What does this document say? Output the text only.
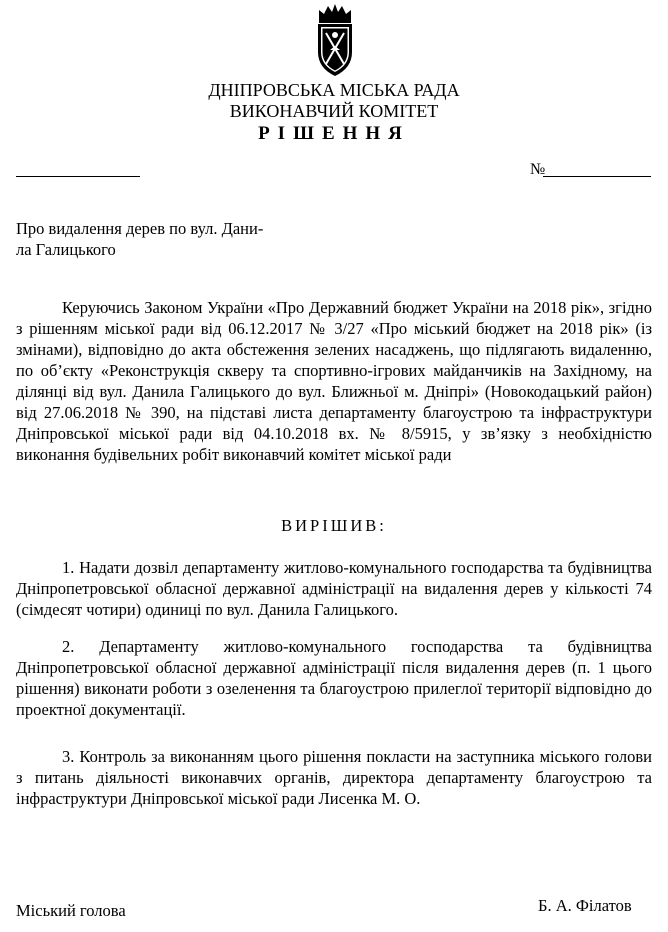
ДНІПРОВСЬКА МІСЬКА РАДА
ВИКОНАВЧИЙ КОМІТЕТ
РІШЕННЯ
№
Про видалення дерев по вул. Дани-
ла Галицького
Керуючись Законом України «Про Державний бюджет України на 2018 рік», згідно з рішенням міської ради від 06.12.2017 № 3/27 «Про міський бюджет на 2018 рік» (із змінами), відповідно до акта обстеження зелених насаджень, що підлягають видаленню, по об’єкту «Реконструкція скверу та спортивно-ігрових майданчиків на Західному, на ділянці від вул. Данила Галицького до вул. Ближньої м. Дніпрі» (Новокодацький район) від 27.06.2018 № 390, на підставі листа департаменту благоустрою та інфраструктури Дніпровської міської ради від 04.10.2018 вх. № 8/5915, у зв’язку з необхідністю виконання будівельних робіт виконавчий комітет міської ради
ВИРІШИВ:
1. Надати дозвіл департаменту житлово-комунального господарства та будівництва Дніпропетровської обласної державної адміністрації на видалення дерев у кількості 74 (сімдесят чотири) одиниці по вул. Данила Галицького.
2. Департаменту житлово-комунального господарства та будівництва Дніпропетровської обласної державної адміністрації після видалення дерев (п. 1 цього рішення) виконати роботи з озеленення та благоустрою прилеглої території відповідно до проектної документації.
3. Контроль за виконанням цього рішення покласти на заступника міського голови з питань діяльності виконавчих органів, директора департаменту благоустрою та інфраструктури Дніпровської міської ради Лисенка М. О.
Міський голова	Б. А. Філатов
